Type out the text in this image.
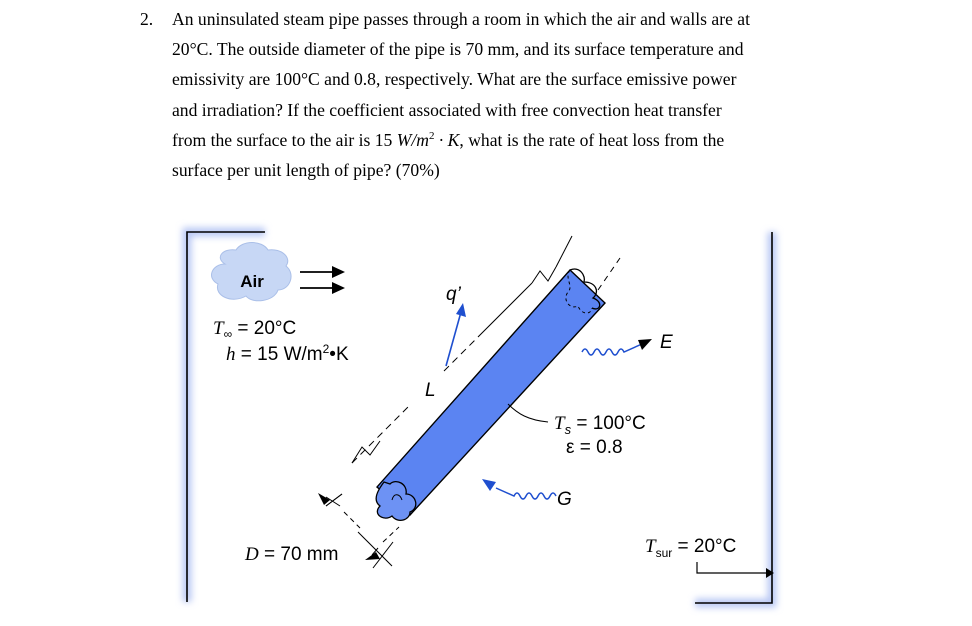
2. An uninsulated steam pipe passes through a room in which the air and walls are at
20°C. The outside diameter of the pipe is 70 mm, and its surface temperature and
emissivity are 100°C and 0.8, respectively. What are the surface emissive power
and irradiation? If the coefficient associated with free convection heat transfer
from the surface to the air is 15 $W/m^2 \cdot K$, what is the rate of heat loss from the
surface per unit length of pipe? (70%)
Air
$T_\infty = 20^\circ C$
h = 15 $W/m^2•K$
q’
L
D = 70 mm
E
G
$T_s = 100^\circ C$
ε = 0.8
$T_{sur} = 20^\circ C$
